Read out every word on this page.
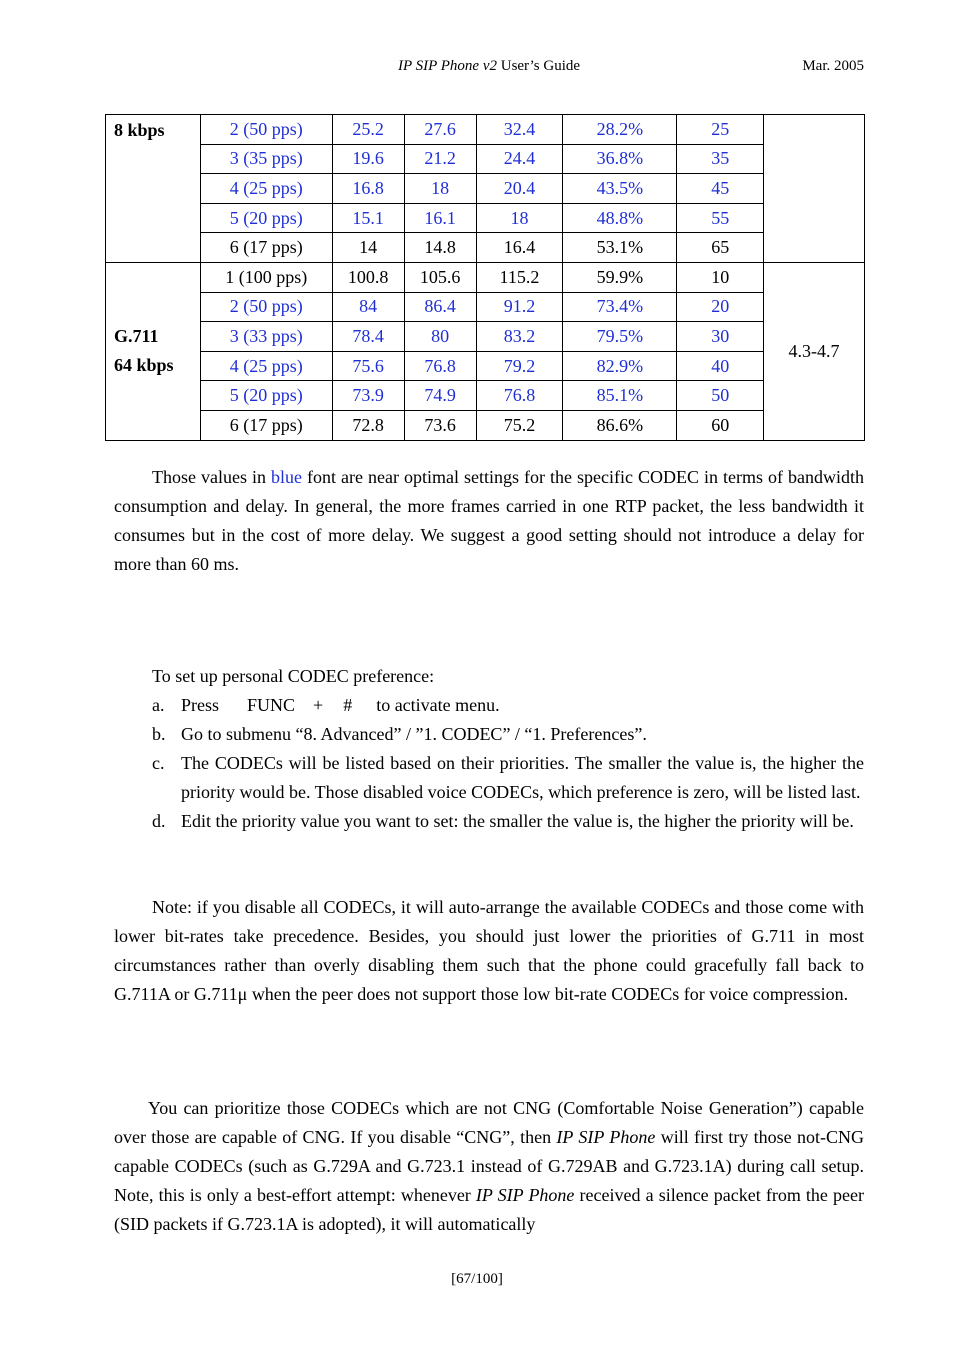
IP SIP Phone v2 User’s Guide	Mar. 2005
8 kbps	2 (50 pps)	25.2	27.6	32.4	28.2%	25	
	3 (35 pps)	19.6	21.2	24.4	36.8%	35	
	4 (25 pps)	16.8	18	20.4	43.5%	45	
	5 (20 pps)	15.1	16.1	18	48.8%	55	
	6 (17 pps)	14	14.8	16.4	53.1%	65	

G.711
64 kbps	1 (100 pps)	100.8	105.6	115.2	59.9%	10	4.3-4.7
	2 (50 pps)	84	86.4	91.2	73.4%	20	
	3 (33 pps)	78.4	80	83.2	79.5%	30	
	4 (25 pps)	75.6	76.8	79.2	82.9%	40	
	5 (20 pps)	73.9	74.9	76.8	85.1%	50	
	6 (17 pps)	72.8	73.6	75.2	86.6%	60	

Those values in blue font are near optimal settings for the specific CODEC in terms of bandwidth consumption and delay. In general, the more frames carried in one RTP packet, the less bandwidth it consumes but in the cost of more delay. We suggest a good setting should not introduce a delay for more than 60 ms.

To set up personal CODEC preference:
a. Press FUNC + # to activate menu.
b. Go to submenu “8. Advanced” / ”1. CODEC” / “1. Preferences”.
c. The CODECs will be listed based on their priorities. The smaller the value is, the higher the priority would be. Those disabled voice CODECs, which preference is zero, will be listed last.
d. Edit the priority value you want to set: the smaller the value is, the higher the priority will be.

Note: if you disable all CODECs, it will auto-arrange the available CODECs and those come with lower bit-rates take precedence. Besides, you should just lower the priorities of G.711 in most circumstances rather than overly disabling them such that the phone could gracefully fall back to G.711A or G.711μ when the peer does not support those low bit-rate CODECs for voice compression.

You can prioritize those CODECs which are not CNG (Comfortable Noise Generation”) capable over those are capable of CNG. If you disable “CNG”, then IP SIP Phone will first try those not-CNG capable CODECs (such as G.729A and G.723.1 instead of G.729AB and G.723.1A) during call setup. Note, this is only a best-effort attempt: whenever IP SIP Phone received a silence packet from the peer (SID packets if G.723.1A is adopted), it will automatically

[67/100]
